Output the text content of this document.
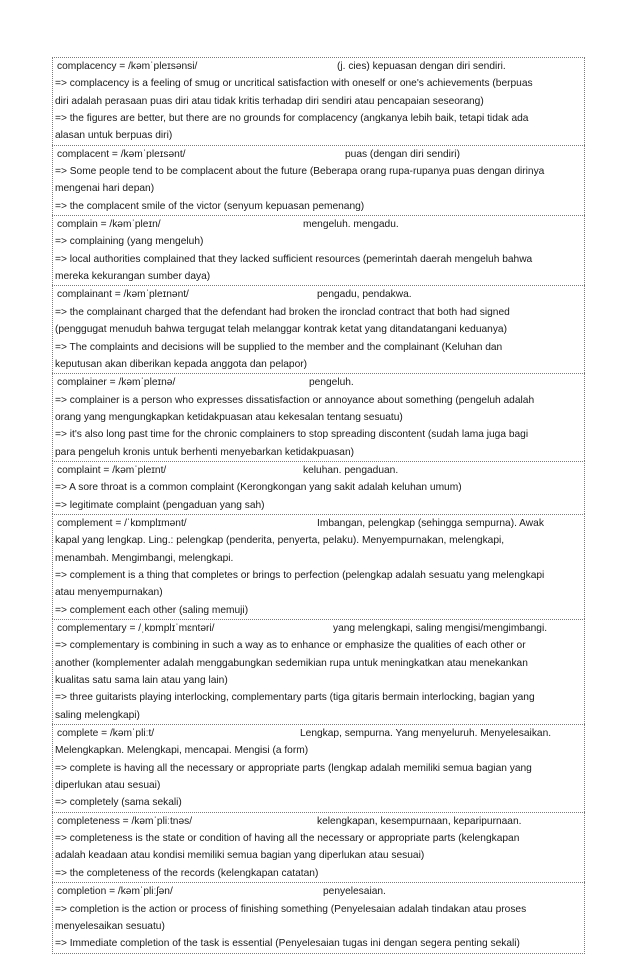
complacency = /kəmˈpleɪsənsi/	(j. cies) kepuasan dengan diri sendiri.
=> complacency is a feeling of smug or uncritical satisfaction with oneself or one's achievements (berpuas
diri adalah perasaan puas diri atau tidak kritis terhadap diri sendiri atau pencapaian seseorang)
=> the figures are better, but there are no grounds for complacency (angkanya lebih baik, tetapi tidak ada
alasan untuk berpuas diri)
complacent = /kəmˈpleɪsənt/	puas (dengan diri sendiri)
=> Some people tend to be complacent about the future (Beberapa orang rupa-rupanya puas dengan dirinya
mengenai hari depan)
=> the complacent smile of the victor (senyum kepuasan pemenang)
complain = /kəmˈpleɪn/	mengeluh. mengadu.
=> complaining (yang mengeluh)
=> local authorities complained that they lacked sufficient resources (pemerintah daerah mengeluh bahwa
mereka kekurangan sumber daya)
complainant = /kəmˈpleɪnənt/	pengadu, pendakwa.
=> the complainant charged that the defendant had broken the ironclad contract that both had signed
(penggugat menuduh bahwa tergugat telah melanggar kontrak ketat yang ditandatangani keduanya)
=> The complaints and decisions will be supplied to the member and the complainant (Keluhan dan
keputusan akan diberikan kepada anggota dan pelapor)
complainer = /kəmˈpleɪnə/	pengeluh.
=> complainer is a person who expresses dissatisfaction or annoyance about something (pengeluh adalah
orang yang mengungkapkan ketidakpuasan atau kekesalan tentang sesuatu)
=> it's also long past time for the chronic complainers to stop spreading discontent (sudah lama juga bagi
para pengeluh kronis untuk berhenti menyebarkan ketidakpuasan)
complaint = /kəmˈpleɪnt/	keluhan. pengaduan.
=> A sore throat is a common complaint (Kerongkongan yang sakit adalah keluhan umum)
=> legitimate complaint (pengaduan yang sah)
complement = /ˈkɒmplɪmənt/	Imbangan, pelengkap (sehingga sempurna). Awak
kapal yang lengkap. Ling.: pelengkap (penderita, penyerta, pelaku). Menyempurnakan, melengkapi,
menambah. Mengimbangi, melengkapi.
=> complement is a thing that completes or brings to perfection (pelengkap adalah sesuatu yang melengkapi
atau menyempurnakan)
=> complement each other (saling memuji)
complementary = /ˌkɒmplɪˈmɛntəri/	yang melengkapi, saling mengisi/mengimbangi.
=> complementary is combining in such a way as to enhance or emphasize the qualities of each other or
another (komplementer adalah menggabungkan sedemikian rupa untuk meningkatkan atau menekankan
kualitas satu sama lain atau yang lain)
=> three guitarists playing interlocking, complementary parts (tiga gitaris bermain interlocking, bagian yang
saling melengkapi)
complete = /kəmˈpliːt/	Lengkap, sempurna. Yang menyeluruh. Menyelesaikan.
Melengkapkan. Melengkapi, mencapai. Mengisi (a form)
=> complete is having all the necessary or appropriate parts (lengkap adalah memiliki semua bagian yang
diperlukan atau sesuai)
=> completely (sama sekali)
completeness = /kəmˈpliːtnəs/	kelengkapan, kesempurnaan, keparipurnaan.
=> completeness is the state or condition of having all the necessary or appropriate parts (kelengkapan
adalah keadaan atau kondisi memiliki semua bagian yang diperlukan atau sesuai)
=> the completeness of the records (kelengkapan catatan)
completion = /kəmˈpliːʃən/	penyelesaian.
=> completion is the action or process of finishing something (Penyelesaian adalah tindakan atau proses
menyelesaikan sesuatu)
=> Immediate completion of the task is essential (Penyelesaian tugas ini dengan segera penting sekali)
